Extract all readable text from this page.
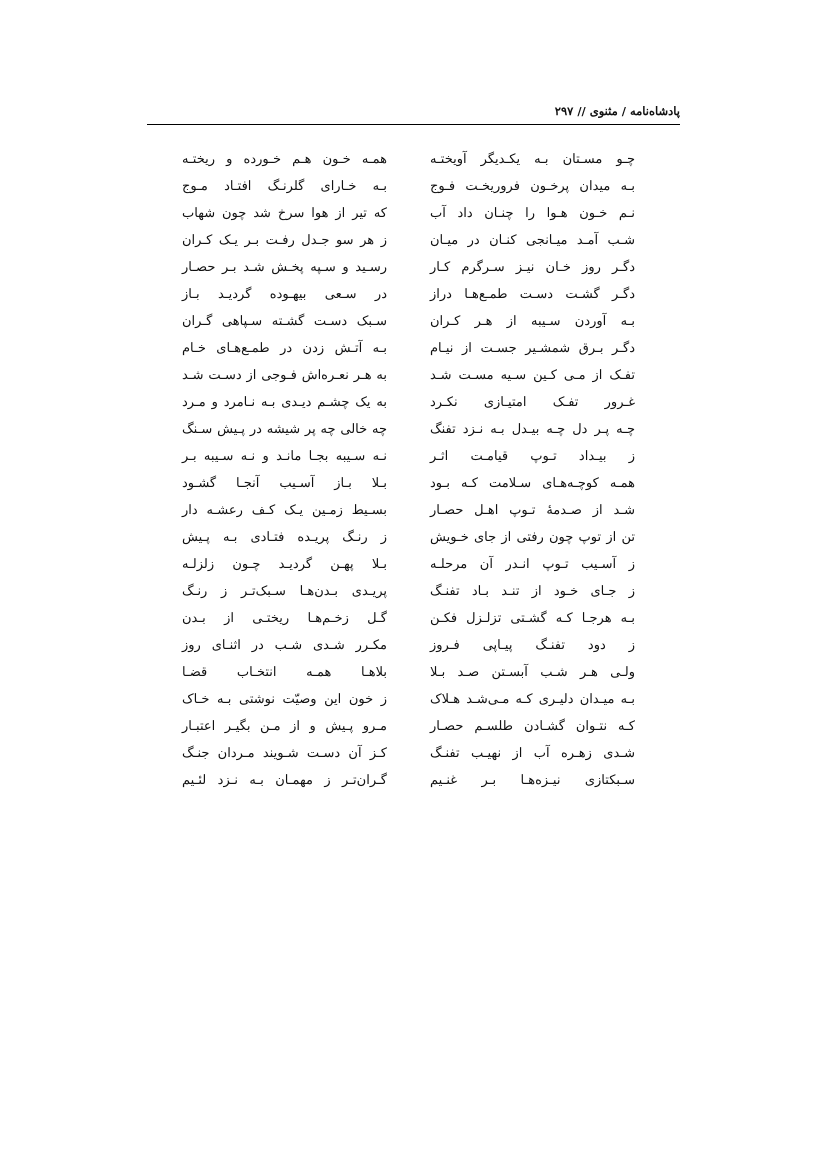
پادشاه‌نامه / مثنوی // ۲۹۷
چـو مسـتان بـه یکـدیگر آویختـه
همـه خـون هـم خـورده و ریختـه
بـه میدان پرخـون فروریخـت فـوج
بـه خـارای گلرنـگ افتـاد مـوج
نـم خـون هـوا را چنـان داد آب
که تیر از هوا سرخ شد چون شهاب
شـب آمـد میـانجی کنـان در میـان
ز هر سو جـدل رفـت بـر یـک کـران
دگـر روز خـان نیـز سـرگرم کـار
رسـید و سـپه پخـش شـد بـر حصـار
دگـر گشـت دسـت طمـع‌هـا دراز
در سـعی بیهـوده گردیـد بـاز
بـه آوردن سـیبه از هـر کـران
سـبک دسـت گشـته سـپاهی گـران
دگـر بـرق شمشـیر جسـت از نیـام
بـه آتـش زدن در طمـع‌هـای خـام
تفـک از مـی کـین سـیه مسـت شـد
به هـر نعـره‌اش فـوجی از دسـت شـد
غـرور تفـک امتیـازی نکـرد
به یک چشـم دیـدی بـه نـامرد و مـرد
چـه پـر دل چـه بیـدل بـه نـزد تفنگ
چه خالی چه پر شیشه در پـیش سـنگ
ز بیـداد تـوپ قیامـت اثـر
نـه سـیبه بجـا مانـد و نـه سـیبه بـر
همـه کوچـه‌هـای سـلامت کـه بـود
بـلا بـاز آسـیب آنجـا گشـود
شـد از صـدمهٔ تـوپ اهـل حصـار
بسـیط زمـین یـک کـف رعشـه دار
تن از توپ چون رفتی از جای خـویش
ز رنـگ پریـده فتـادی بـه پـیش
ز آسـیب تـوپ انـدر آن مرحلـه
بـلا پهـن گردیـد چـون زلزلـه
ز جـای خـود از تنـد بـاد تفنـگ
پریـدی بـدن‌هـا سـبک‌تـر ز رنـگ
بـه هرجـا کـه گشـتی تزلـزل فکـن
گـل زخـم‌هـا ریختـی از بـدن
ز دود تفنـگ پیـاپی فـروز
مکـرر شـدی شـب در اثنـای روز
ولـی هـر شـب آبسـتن صـد بـلا
بلاهـا همـه انتخـاب قضـا
بـه میـدان دلیـری کـه مـی‌شـد هـلاک
ز خون این وصیّت نوشتی بـه خـاک
کـه نتـوان گشـادن طلسـم حصـار
مـرو پـیش و از مـن بگیـر اعتبـار
شـدی زهـره آب از نهیـب تفنـگ
کـز آن دسـت شـویند مـردان جنـگ
سـبکتازی نیـزه‌هـا بـر غنـیم
گـران‌تـر ز مهمـان بـه نـزد لئـیم
